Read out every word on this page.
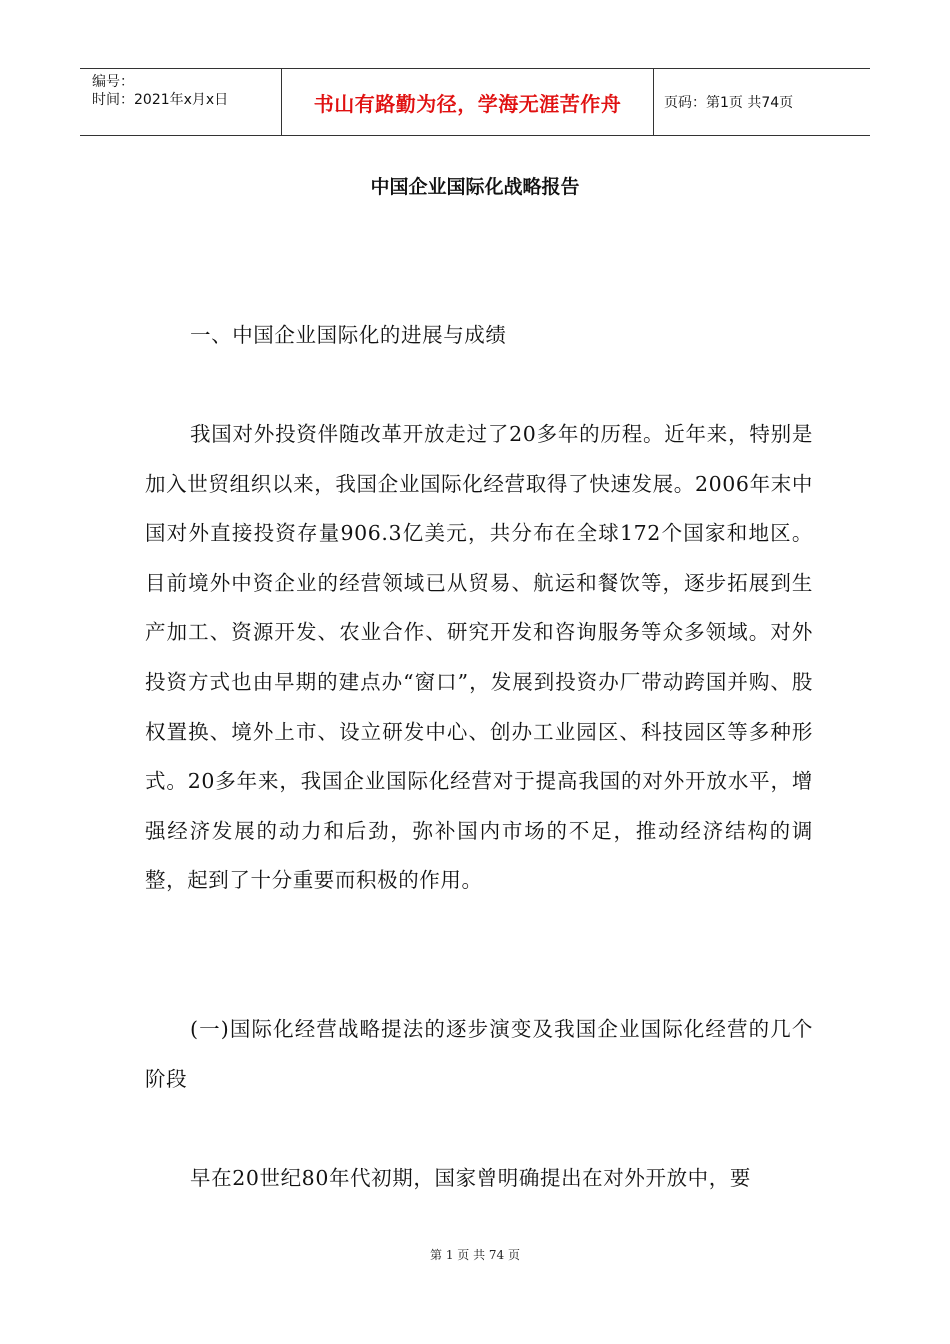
编号：
时间：2021年x月x日	书山有路勤为径，学海无涯苦作舟	页码：第1页 共74页
中国企业国际化战略报告

一、中国企业国际化的进展与成绩

我国对外投资伴随改革开放走过了20多年的历程。近年来，特别是加入世贸组织以来，我国企业国际化经营取得了快速发展。2006年末中国对外直接投资存量906.3亿美元，共分布在全球172个国家和地区。目前境外中资企业的经营领域已从贸易、航运和餐饮等，逐步拓展到生产加工、资源开发、农业合作、研究开发和咨询服务等众多领域。对外投资方式也由早期的建点办“窗口”，发展到投资办厂带动跨国并购、股权置换、境外上市、设立研发中心、创办工业园区、科技园区等多种形式。20多年来，我国企业国际化经营对于提高我国的对外开放水平，增强经济发展的动力和后劲，弥补国内市场的不足，推动经济结构的调整，起到了十分重要而积极的作用。

(一)国际化经营战略提法的逐步演变及我国企业国际化经营的几个阶段

早在20世纪80年代初期，国家曾明确提出在对外开放中，要

第 1 页 共 74 页
